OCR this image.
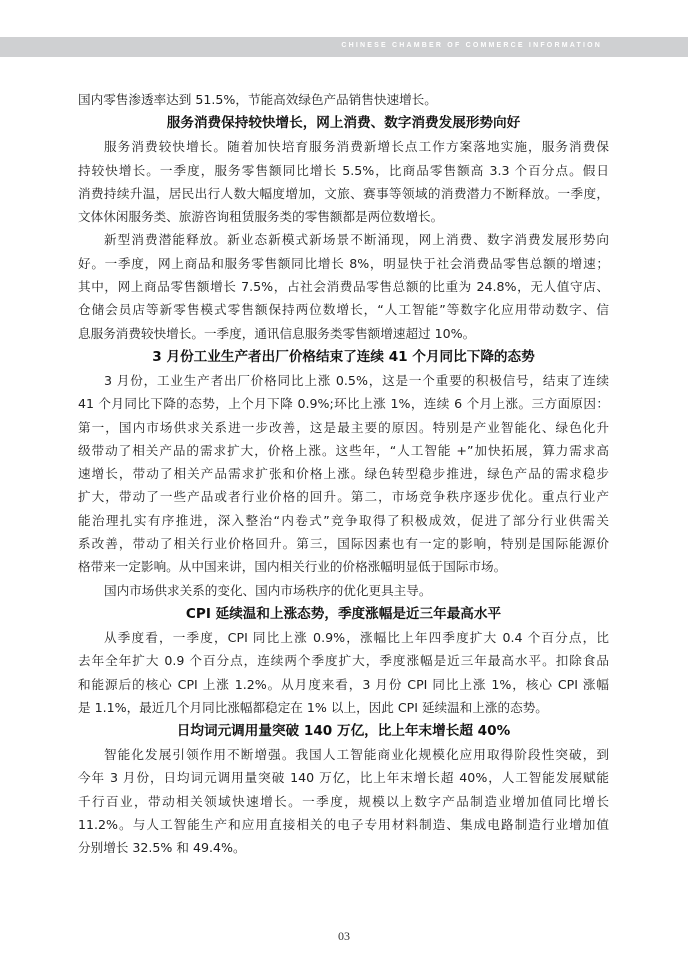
CHINESE CHAMBER OF COMMERCE INFORMATION

国内零售渗透率达到 51.5%，节能高效绿色产品销售快速增长。

服务消费保持较快增长，网上消费、数字消费发展形势向好

服务消费较快增长。随着加快培育服务消费新增长点工作方案落地实施，服务消费保
持较快增长。一季度，服务零售额同比增长 5.5%，比商品零售额高 3.3 个百分点。假日
消费持续升温，居民出行人数大幅度增加，文旅、赛事等领域的消费潜力不断释放。一季度，
文体休闲服务类、旅游咨询租赁服务类的零售额都是两位数增长。

新型消费潜能释放。新业态新模式新场景不断涌现，网上消费、数字消费发展形势向
好。一季度，网上商品和服务零售额同比增长 8%，明显快于社会消费品零售总额的增速；
其中，网上商品零售额增长 7.5%，占社会消费品零售总额的比重为 24.8%，无人值守店、
仓储会员店等新零售模式零售额保持两位数增长，“人工智能”等数字化应用带动数字、信
息服务消费较快增长。一季度，通讯信息服务类零售额增速超过 10%。

3 月份工业生产者出厂价格结束了连续 41 个月同比下降的态势

3 月份，工业生产者出厂价格同比上涨 0.5%，这是一个重要的积极信号，结束了连续
41 个月同比下降的态势，上个月下降 0.9%;环比上涨 1%，连续 6 个月上涨。三方面原因：
第一，国内市场供求关系进一步改善，这是最主要的原因。特别是产业智能化、绿色化升
级带动了相关产品的需求扩大，价格上涨。这些年，“人工智能 +”加快拓展，算力需求高
速增长，带动了相关产品需求扩张和价格上涨。绿色转型稳步推进，绿色产品的需求稳步
扩大，带动了一些产品或者行业价格的回升。第二，市场竞争秩序逐步优化。重点行业产
能治理扎实有序推进，深入整治“内卷式”竞争取得了积极成效，促进了部分行业供需关
系改善，带动了相关行业价格回升。第三，国际因素也有一定的影响，特别是国际能源价
格带来一定影响。从中国来讲，国内相关行业的价格涨幅明显低于国际市场。

国内市场供求关系的变化、国内市场秩序的优化更具主导。

CPI 延续温和上涨态势，季度涨幅是近三年最高水平

从季度看，一季度，CPI 同比上涨 0.9%，涨幅比上年四季度扩大 0.4 个百分点，比
去年全年扩大 0.9 个百分点，连续两个季度扩大，季度涨幅是近三年最高水平。扣除食品
和能源后的核心 CPI 上涨 1.2%。从月度来看，3 月份 CPI 同比上涨 1%，核心 CPI 涨幅
是 1.1%，最近几个月同比涨幅都稳定在 1% 以上，因此 CPI 延续温和上涨的态势。

日均词元调用量突破 140 万亿，比上年末增长超 40%

智能化发展引领作用不断增强。我国人工智能商业化规模化应用取得阶段性突破，到
今年 3 月份，日均词元调用量突破 140 万亿，比上年末增长超 40%，人工智能发展赋能
千行百业，带动相关领域快速增长。一季度，规模以上数字产品制造业增加值同比增长
11.2%。与人工智能生产和应用直接相关的电子专用材料制造、集成电路制造行业增加值
分别增长 32.5% 和 49.4%。

03
